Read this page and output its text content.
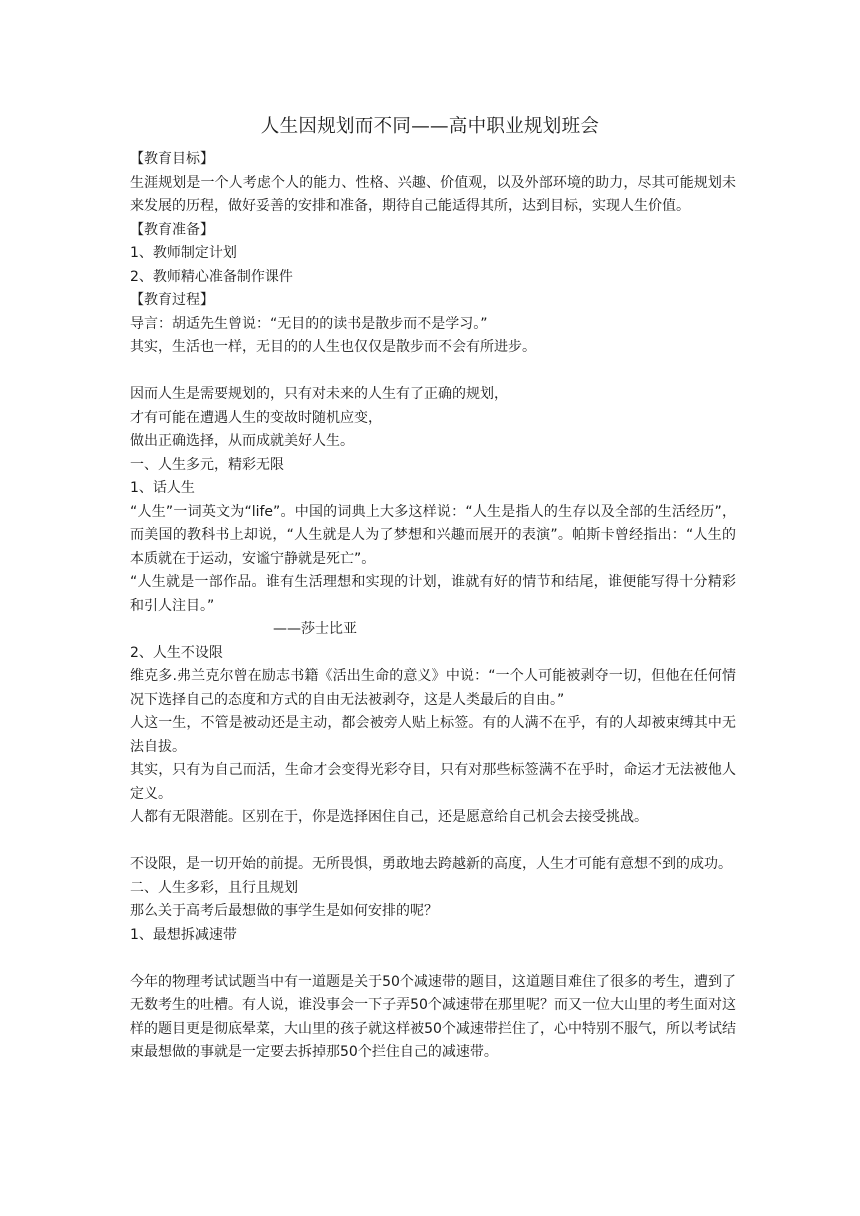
人生因规划而不同——高中职业规划班会

【教育目标】

生涯规划是一个人考虑个人的能力、性格、兴趣、价值观，以及外部环境的助力，尽其可能规划未来发展的历程，做好妥善的安排和准备，期待自己能适得其所，达到目标，实现人生价值。

【教育准备】

1、教师制定计划

2、教师精心准备制作课件

【教育过程】

导言：胡适先生曾说：“无目的的读书是散步而不是学习。”

其实，生活也一样，无目的的人生也仅仅是散步而不会有所进步。

因而人生是需要规划的，只有对未来的人生有了正确的规划，

才有可能在遭遇人生的变故时随机应变，

做出正确选择，从而成就美好人生。

一、人生多元，精彩无限

1、话人生

“人生”一词英文为“life”。中国的词典上大多这样说：“人生是指人的生存以及全部的生活经历”，而美国的教科书上却说，“人生就是人为了梦想和兴趣而展开的表演”。帕斯卡曾经指出：“人生的本质就在于运动，安谧宁静就是死亡”。

“人生就是一部作品。谁有生活理想和实现的计划，谁就有好的情节和结尾，谁便能写得十分精彩和引人注目。”

——莎士比亚

2、人生不设限

维克多.弗兰克尔曾在励志书籍《活出生命的意义》中说：“一个人可能被剥夺一切，但他在任何情况下选择自己的态度和方式的自由无法被剥夺，这是人类最后的自由。”

人这一生，不管是被动还是主动，都会被旁人贴上标签。有的人满不在乎，有的人却被束缚其中无法自拔。

其实，只有为自己而活，生命才会变得光彩夺目，只有对那些标签满不在乎时，命运才无法被他人定义。

人都有无限潜能。区别在于，你是选择困住自己，还是愿意给自己机会去接受挑战。

不设限，是一切开始的前提。无所畏惧，勇敢地去跨越新的高度，人生才可能有意想不到的成功。

二、人生多彩，且行且规划

那么关于高考后最想做的事学生是如何安排的呢？

1、最想拆减速带

今年的物理考试试题当中有一道题是关于50个减速带的题目，这道题目难住了很多的考生，遭到了无数考生的吐槽。有人说，谁没事会一下子弄50个减速带在那里呢？而又一位大山里的考生面对这样的题目更是彻底晕菜，大山里的孩子就这样被50个减速带拦住了，心中特别不服气，所以考试结束最想做的事就是一定要去拆掉那50个拦住自己的减速带。
